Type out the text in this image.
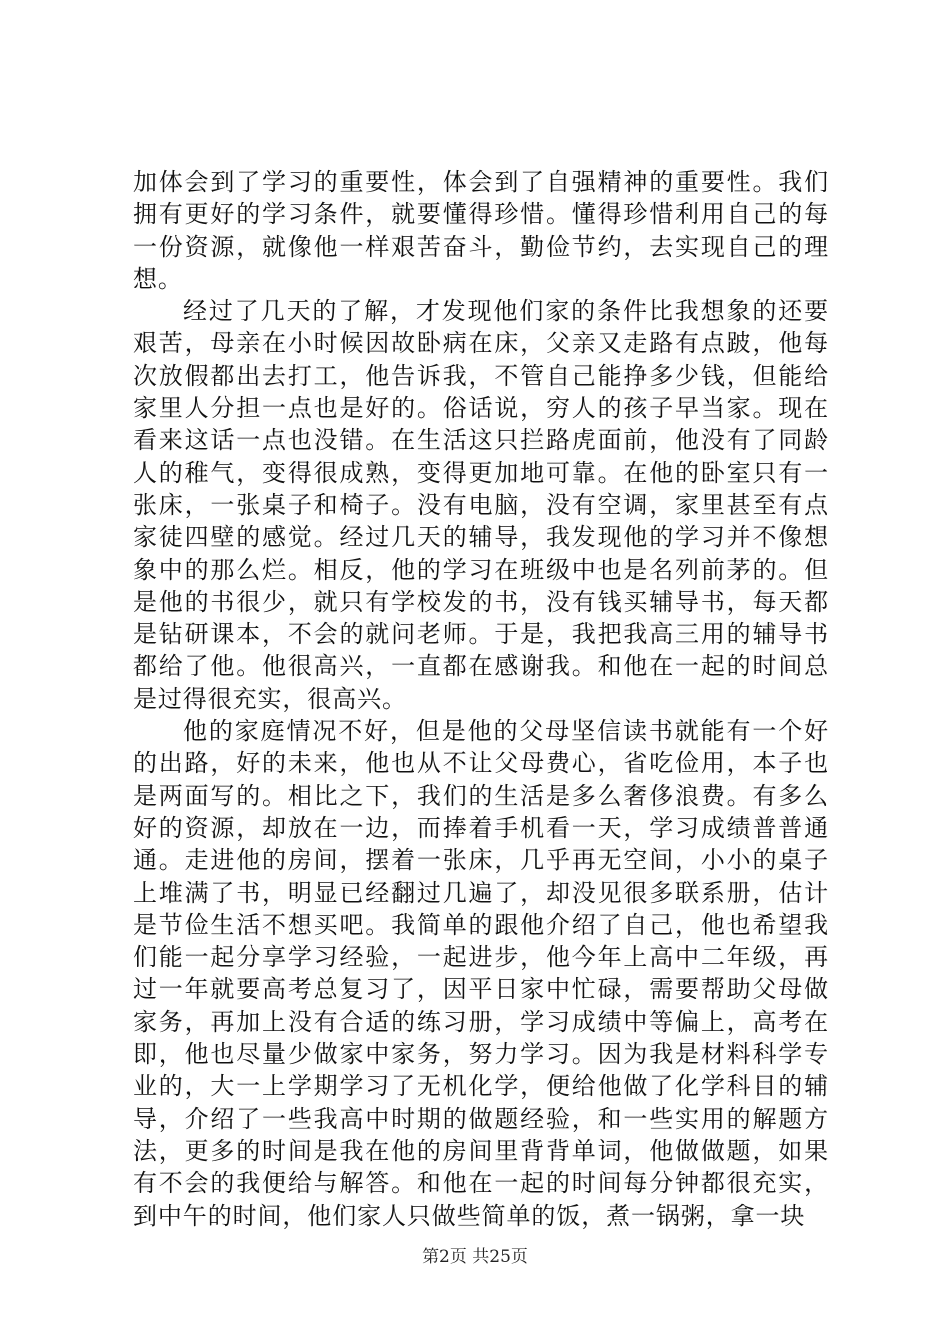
加体会到了学习的重要性，体会到了自强精神的重要性。我们拥有更好的学习条件，就要懂得珍惜。懂得珍惜利用自己的每一份资源，就像他一样艰苦奋斗，勤俭节约，去实现自己的理想。

经过了几天的了解，才发现他们家的条件比我想象的还要艰苦，母亲在小时候因故卧病在床，父亲又走路有点跛，他每次放假都出去打工，他告诉我，不管自己能挣多少钱，但能给家里人分担一点也是好的。俗话说，穷人的孩子早当家。现在看来这话一点也没错。在生活这只拦路虎面前，他没有了同龄人的稚气，变得很成熟，变得更加地可靠。在他的卧室只有一张床，一张桌子和椅子。没有电脑，没有空调，家里甚至有点家徒四壁的感觉。经过几天的辅导，我发现他的学习并不像想象中的那么烂。相反，他的学习在班级中也是名列前茅的。但是他的书很少，就只有学校发的书，没有钱买辅导书，每天都是钻研课本，不会的就问老师。于是，我把我高三用的辅导书都给了他。他很高兴，一直都在感谢我。和他在一起的时间总是过得很充实，很高兴。

他的家庭情况不好，但是他的父母坚信读书就能有一个好的出路，好的未来，他也从不让父母费心，省吃俭用，本子也是两面写的。相比之下，我们的生活是多么奢侈浪费。有多么好的资源，却放在一边，而捧着手机看一天，学习成绩普普通通。走进他的房间，摆着一张床，几乎再无空间，小小的桌子上堆满了书，明显已经翻过几遍了，却没见很多联系册，估计是节俭生活不想买吧。我简单的跟他介绍了自己，他也希望我们能一起分享学习经验，一起进步，他今年上高中二年级，再过一年就要高考总复习了，因平日家中忙碌，需要帮助父母做家务，再加上没有合适的练习册，学习成绩中等偏上，高考在即，他也尽量少做家中家务，努力学习。因为我是材料科学专业的，大一上学期学习了无机化学，便给他做了化学科目的辅导，介绍了一些我高中时期的做题经验，和一些实用的解题方法，更多的时间是我在他的房间里背背单词，他做做题，如果有不会的我便给与解答。和他在一起的时间每分钟都很充实，到中午的时间，他们家人只做些简单的饭，煮一锅粥，拿一块

第2页 共25页
